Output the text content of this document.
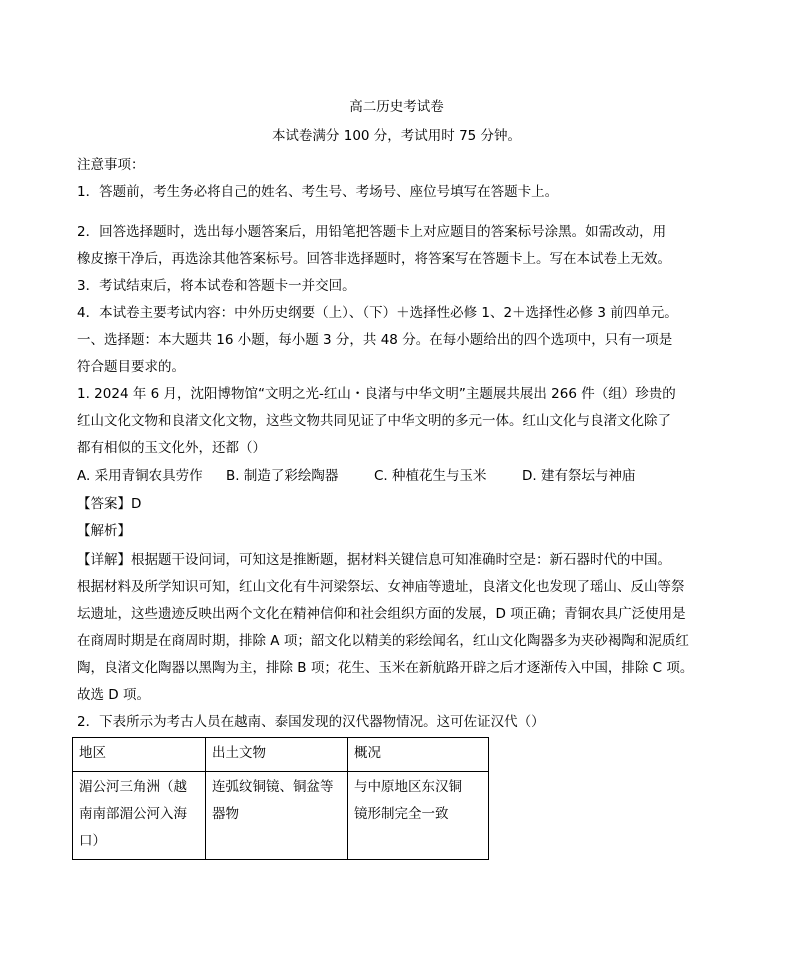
高二历史考试卷
本试卷满分 100 分，考试用时 75 分钟。
注意事项：
1．答题前，考生务必将自己的姓名、考生号、考场号、座位号填写在答题卡上。
2．回答选择题时，选出每小题答案后，用铅笔把答题卡上对应题目的答案标号涂黑。如需改动，用
橡皮擦干净后，再选涂其他答案标号。回答非选择题时，将答案写在答题卡上。写在本试卷上无效。
3．考试结束后，将本试卷和答题卡一并交回。
4．本试卷主要考试内容：中外历史纲要（上）、（下）＋选择性必修 1、2＋选择性必修 3 前四单元。
一、选择题：本大题共 16 小题，每小题 3 分，共 48 分。在每小题给出的四个选项中，只有一项是
符合题目要求的。
1. 2024 年 6 月，沈阳博物馆“文明之光-红山・良渚与中华文明”主题展共展出 266 件（组）珍贵的
红山文化文物和良渚文化文物，这些文物共同见证了中华文明的多元一体。红山文化与良渚文化除了
都有相似的玉文化外，还都（）
A. 采用青铜农具劳作 B. 制造了彩绘陶器	C. 种植花生与玉米	D. 建有祭坛与神庙
【答案】D
【解析】
【详解】根据题干设问词，可知这是推断题，据材料关键信息可知准确时空是：新石器时代的中国。
根据材料及所学知识可知，红山文化有牛河梁祭坛、女神庙等遗址，良渚文化也发现了瑶山、反山等祭
坛遗址，这些遗迹反映出两个文化在精神信仰和社会组织方面的发展，D 项正确；青铜农具广泛使用是
在商周时期是在商周时期，排除 A 项；韶文化以精美的彩绘闻名，红山文化陶器多为夹砂褐陶和泥质红
陶，良渚文化陶器以黑陶为主，排除 B 项；花生、玉米在新航路开辟之后才逐渐传入中国，排除 C 项。
故选 D 项。
2．下表所示为考古人员在越南、泰国发现的汉代器物情况。这可佐证汉代（）
地区	出土文物	概况

湄公河三角洲（越
南南部湄公河入海
口）	连弧纹铜镜、铜盆等
器物	与中原地区东汉铜
镜形制完全一致
